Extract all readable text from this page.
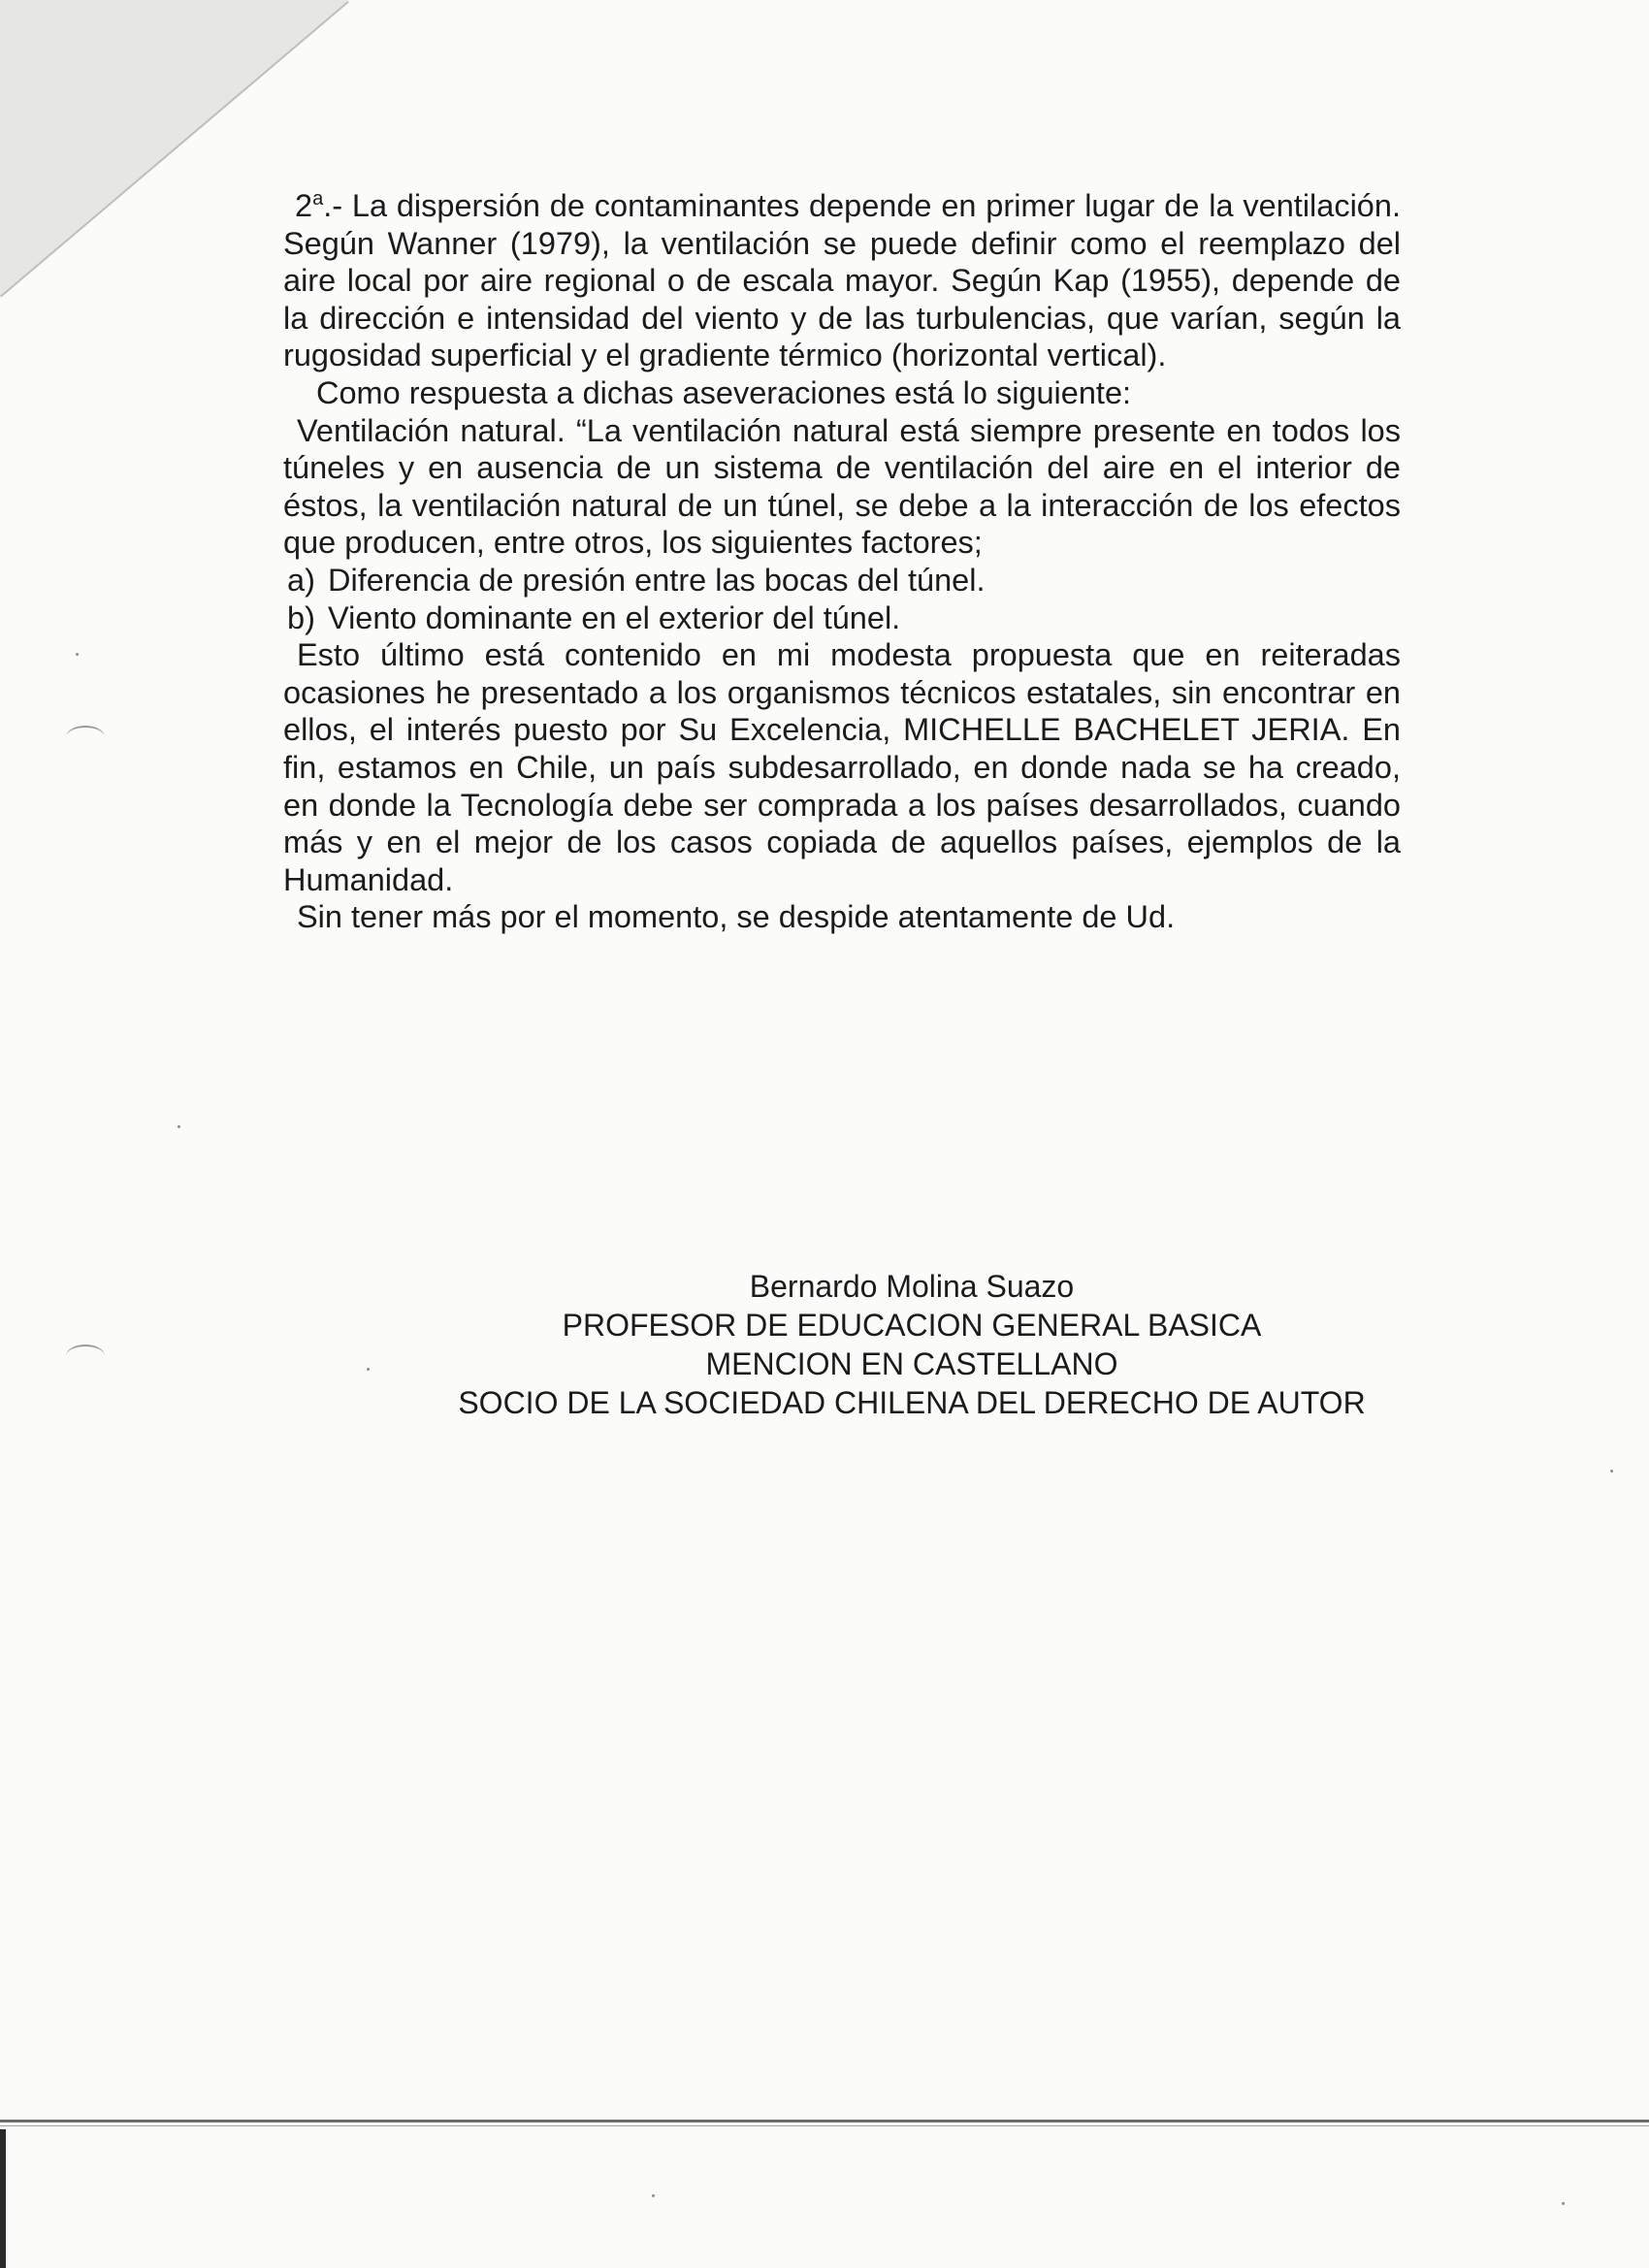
2$^a$.- La dispersión de contaminantes depende en primer lugar de la ventilación. Según Wanner (1979), la ventilación se puede definir como el reemplazo del aire local por aire regional o de escala mayor. Según Kap (1955), depende de la dirección e intensidad del viento y de las turbulencias, que varían, según la rugosidad superficial y el gradiente térmico (horizontal vertical).

Como respuesta a dichas aseveraciones está lo siguiente:

Ventilación natural. “La ventilación natural está siempre presente en todos los túneles y en ausencia de un sistema de ventilación del aire en el interior de éstos, la ventilación natural de un túnel, se debe a la interacción de los efectos que producen, entre otros, los siguientes factores;

a) Diferencia de presión entre las bocas del túnel.
b) Viento dominante en el exterior del túnel.

Esto último está contenido en mi modesta propuesta que en reiteradas ocasiones he presentado a los organismos técnicos estatales, sin encontrar en ellos, el interés puesto por Su Excelencia, MICHELLE BACHELET JERIA. En fin, estamos en Chile, un país subdesarrollado, en donde nada se ha creado, en donde la Tecnología debe ser comprada a los países desarrollados, cuando más y en el mejor de los casos copiada de aquellos países, ejemplos de la Humanidad.

Sin tener más por el momento, se despide atentamente de Ud.

Bernardo Molina Suazo
PROFESOR DE EDUCACION GENERAL BASICA
MENCION EN CASTELLANO
SOCIO DE LA SOCIEDAD CHILENA DEL DERECHO DE AUTOR
